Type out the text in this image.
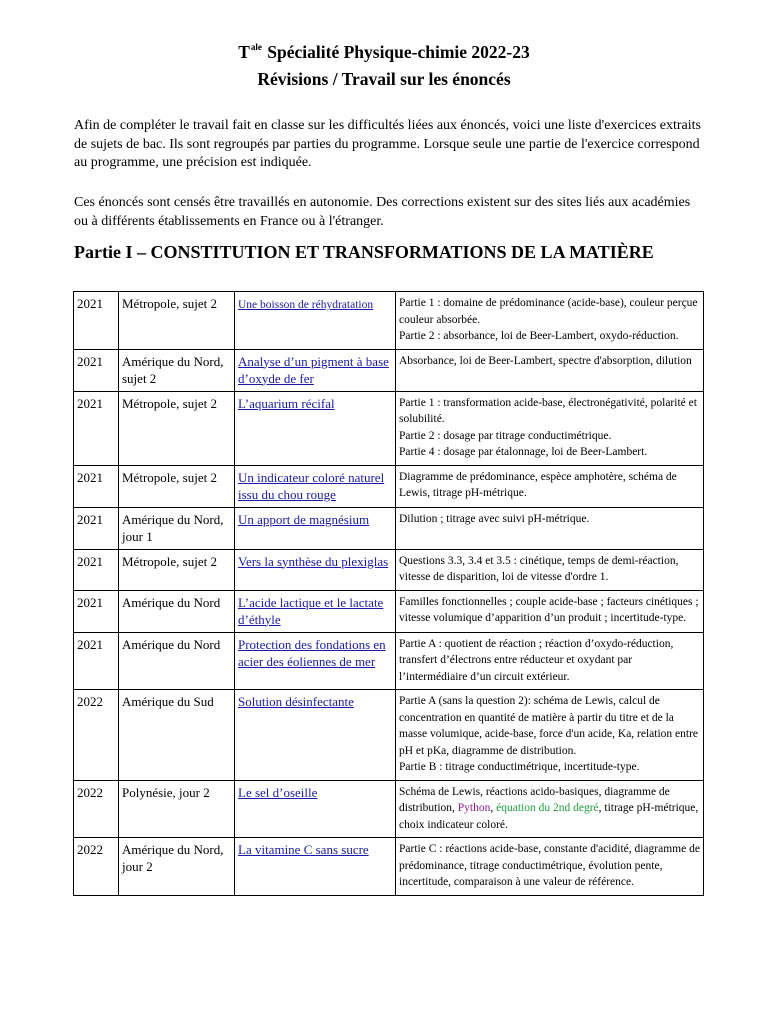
$T^{ale}$ Spécialité Physique-chimie 2022-23
Révisions / Travail sur les énoncés
Afin de compléter le travail fait en classe sur les difficultés liées aux énoncés, voici une liste d'exercices extraits de sujets de bac. Ils sont regroupés par parties du programme. Lorsque seule une partie de l'exercice correspond au programme, une précision est indiquée.
Ces énoncés sont censés être travaillés en autonomie. Des corrections existent sur des sites liés aux académies ou à différents établissements en France ou à l'étranger.
Partie I – CONSTITUTION ET TRANSFORMATIONS DE LA MATIÈRE
2021	Métropole, sujet 2	Une boisson de réhydratation	Partie 1 : domaine de prédominance (acide-base), couleur perçue couleur absorbée.
Partie 2 : absorbance, loi de Beer-Lambert, oxydo-réduction.

2021	Amérique du Nord, sujet 2	Analyse d’un pigment à base d’oxyde de fer	Absorbance, loi de Beer-Lambert, spectre d'absorption, dilution

2021	Métropole, sujet 2	L’aquarium récifal	Partie 1 : transformation acide-base, électronégativité, polarité et solubilité.
Partie 2 : dosage par titrage conductimétrique.
Partie 4 : dosage par étalonnage, loi de Beer-Lambert.

2021	Métropole, sujet 2	Un indicateur coloré naturel issu du chou rouge	Diagramme de prédominance, espèce amphotère, schéma de Lewis, titrage pH-métrique.

2021	Amérique du Nord, jour 1	Un apport de magnésium	Dilution ; titrage avec suivi pH-métrique.

2021	Métropole, sujet 2	Vers la synthèse du plexiglas	Questions 3.3, 3.4 et 3.5 : cinétique, temps de demi-réaction, vitesse de disparition, loi de vitesse d'ordre 1.

2021	Amérique du Nord	L’acide lactique et le lactate d’éthyle	Familles fonctionnelles ; couple acide-base ; facteurs cinétiques ; vitesse volumique d’apparition d’un produit ; incertitude-type.

2021	Amérique du Nord	Protection des fondations en acier des éoliennes de mer	Partie A : quotient de réaction ; réaction d’oxydo-réduction, transfert d’électrons entre réducteur et oxydant par l’intermédiaire d’un circuit extérieur.

2022	Amérique du Sud	Solution désinfectante	Partie A (sans la question 2): schéma de Lewis, calcul de concentration en quantité de matière à partir du titre et de la masse volumique, acide-base, force d'un acide, Ka, relation entre pH et pKa, diagramme de distribution.
Partie B : titrage conductimétrique, incertitude-type.

2022	Polynésie, jour 2	Le sel d’oseille	Schéma de Lewis, réactions acido-basiques, diagramme de distribution, Python, équation du 2nd degré, titrage pH-métrique, choix indicateur coloré.

2022	Amérique du Nord, jour 2	La vitamine C sans sucre	Partie C : réactions acide-base, constante d'acidité, diagramme de prédominance, titrage conductimétrique, évolution pente, incertitude, comparaison à une valeur de référence.
